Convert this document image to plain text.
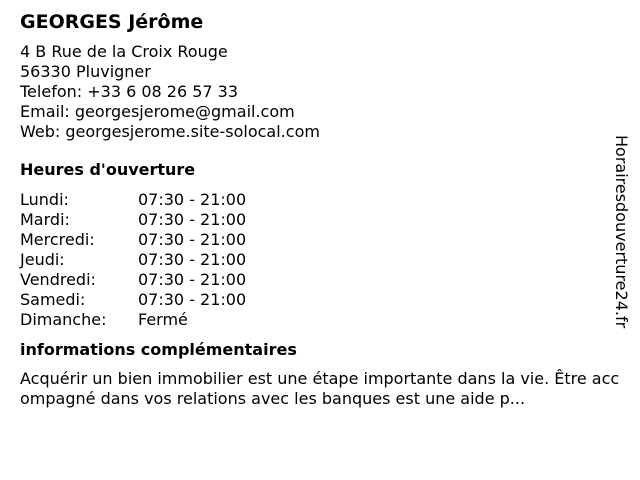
GEORGES Jérôme
4 B Rue de la Croix Rouge
56330 Pluvigner
Telefon: +33 6 08 26 57 33
Email: georgesjerome@gmail.com
Web: georgesjerome.site-solocal.com
Heures d'ouverture
Lundi:	07:30 - 21:00
Mardi:	07:30 - 21:00
Mercredi:	07:30 - 21:00
Jeudi:	07:30 - 21:00
Vendredi:	07:30 - 21:00
Samedi:	07:30 - 21:00
Dimanche:	Fermé
informations complémentaires

Acquérir un bien immobilier est une étape importante dans la vie. Être accompagné dans vos relations avec les banques est une aide p...

Horairesdouverture24.fr
